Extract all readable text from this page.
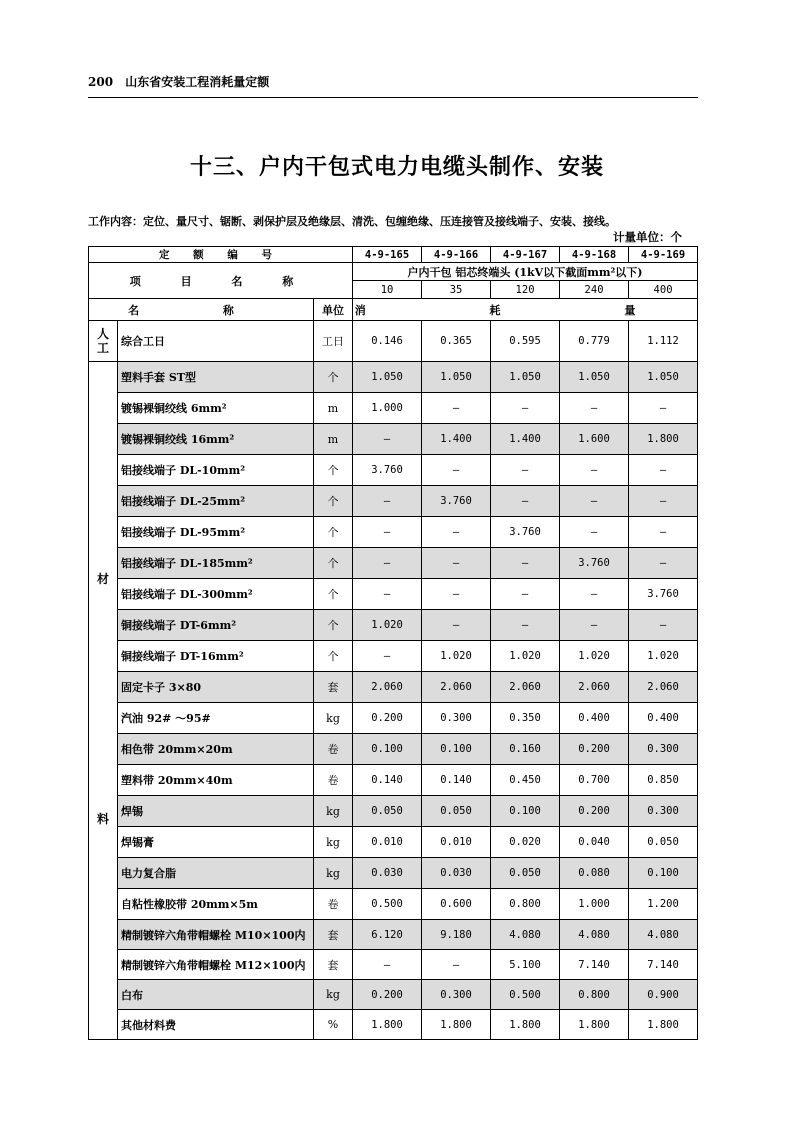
200 山东省安装工程消耗量定额
十三、户内干包式电力电缆头制作、安装
工作内容：定位、量尺寸、锯断、剥保护层及绝缘层、清洗、包缠绝缘、压连接管及接线端子、安装、接线。
计量单位：个
定 额 编 号			4-9-165	4-9-166	4-9-167	4-9-168	4-9-169
项 目 名 称			户内干包 铝芯终端头 (1kV以下截面mm²以下)				
			10	35	120	240	400
名 称		单位	消 耗 量				

人
工	综合工日	工日	0.146	0.365	0.595	0.779	1.112

材
料	塑料手套 ST型	个	1.050	1.050	1.050	1.050	1.050
	镀锡裸铜绞线 6mm²	m	1.000	—	—	—	—
	镀锡裸铜绞线 16mm²	m	—	1.400	1.400	1.600	1.800
	铝接线端子 DL-10mm²	个	3.760	—	—	—	—
	铝接线端子 DL-25mm²	个	—	3.760	—	—	—
	铝接线端子 DL-95mm²	个	—	—	3.760	—	—
	铝接线端子 DL-185mm²	个	—	—	—	3.760	—
	铝接线端子 DL-300mm²	个	—	—	—	—	3.760
	铜接线端子 DT-6mm²	个	1.020	—	—	—	—
	铜接线端子 DT-16mm²	个	—	1.020	1.020	1.020	1.020
	固定卡子 3×80	套	2.060	2.060	2.060	2.060	2.060
	汽油 92# ～95#	kg	0.200	0.300	0.350	0.400	0.400
	相色带 20mm×20m	卷	0.100	0.100	0.160	0.200	0.300
	塑料带 20mm×40m	卷	0.140	0.140	0.450	0.700	0.850
	焊锡	kg	0.050	0.050	0.100	0.200	0.300
	焊锡膏	kg	0.010	0.010	0.020	0.040	0.050
	电力复合脂	kg	0.030	0.030	0.050	0.080	0.100
	自粘性橡胶带 20mm×5m	卷	0.500	0.600	0.800	1.000	1.200
	精制镀锌六角带帽螺栓 M10×100内	套	6.120	9.180	4.080	4.080	4.080
	精制镀锌六角带帽螺栓 M12×100内	套	—	—	5.100	7.140	7.140
	白布	kg	0.200	0.300	0.500	0.800	0.900
	其他材料费	%	1.800	1.800	1.800	1.800	1.800
